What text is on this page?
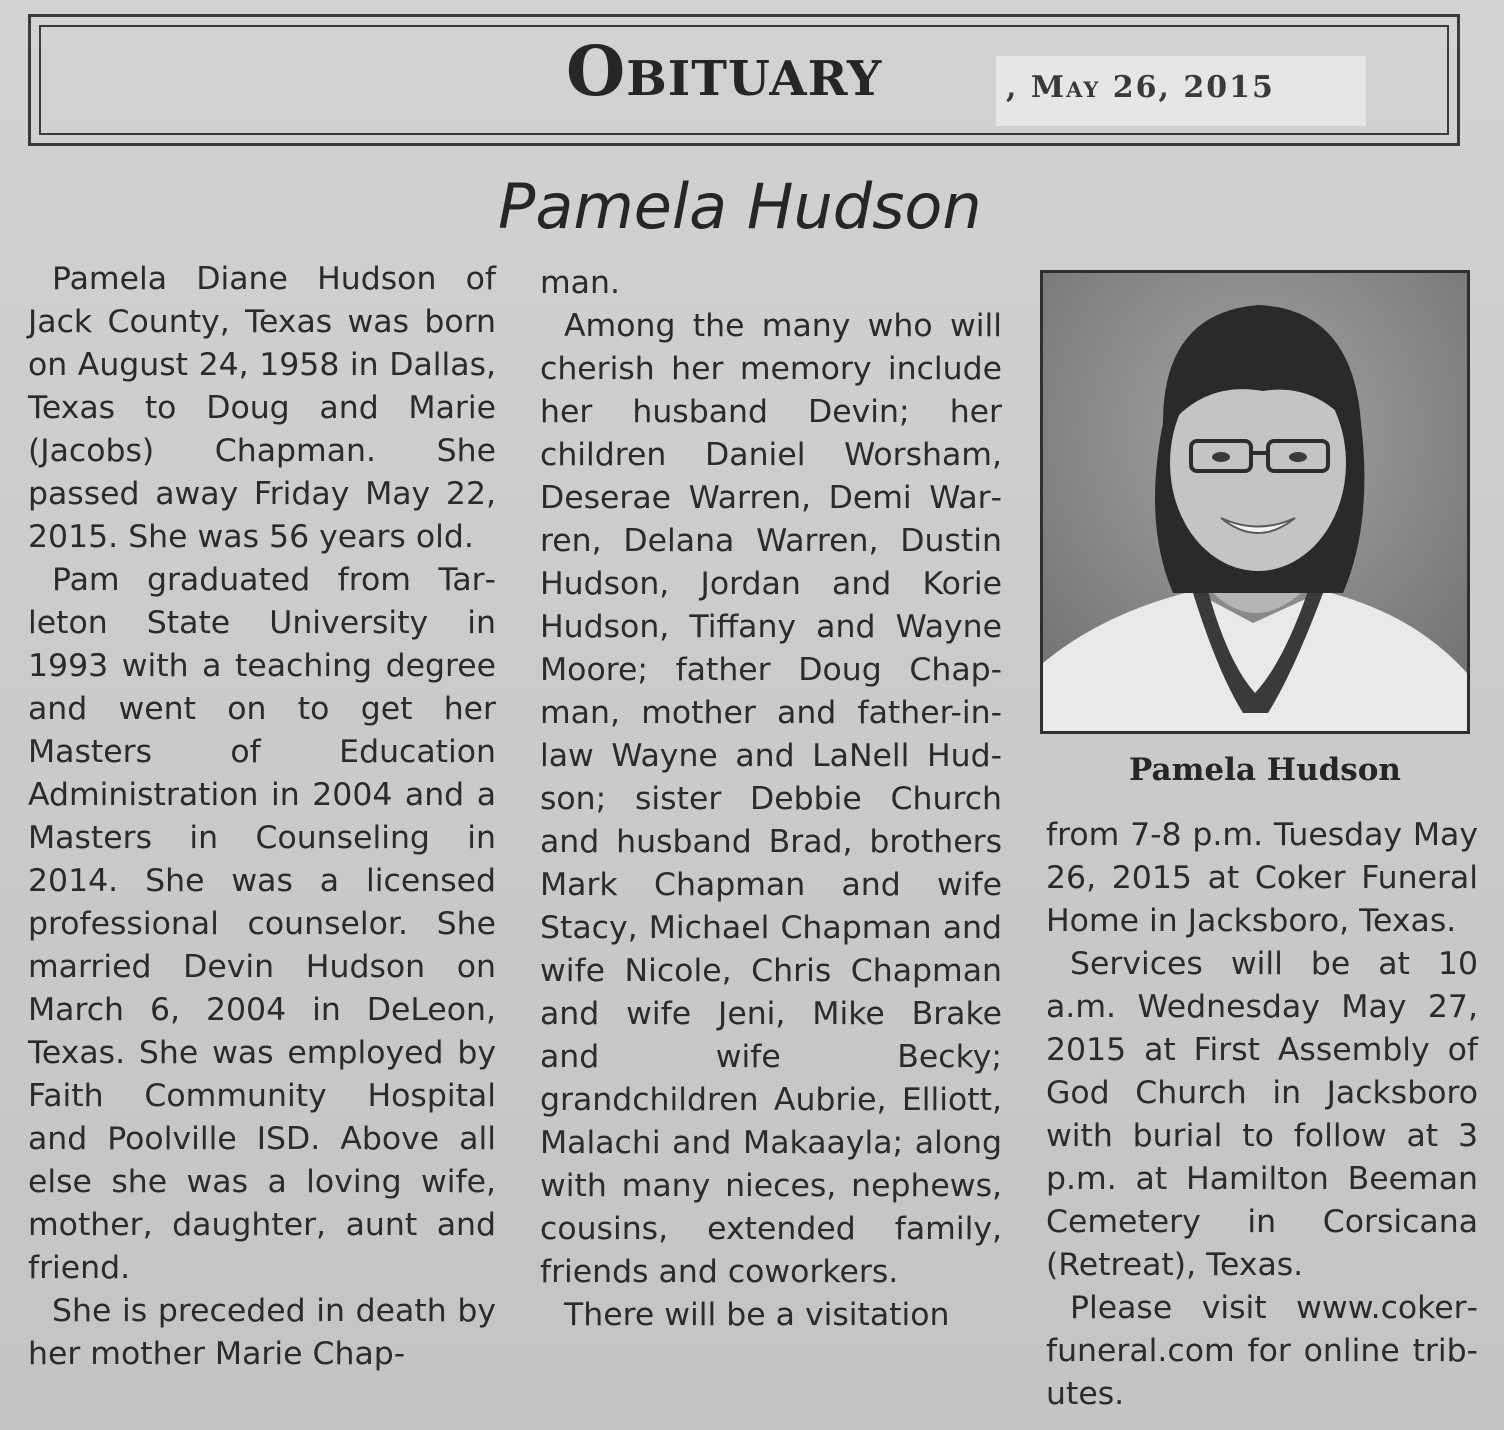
Obituary	, May 26, 2015
Pamela Hudson

Pamela Diane Hudson of Jack County, Texas was born on August 24, 1958 in Dallas, Texas to Doug and Marie (Jacobs) Chapman. She passed away Friday May 22, 2015. She was 56 years old.

Pam graduated from Tarleton State University in 1993 with a teaching degree and went on to get her Masters of Education Administration in 2004 and a Masters in Counseling in 2014. She was a licensed professional counselor. She married Devin Hudson on March 6, 2004 in DeLeon, Texas. She was employed by Faith Community Hospital and Poolville ISD. Above all else she was a loving wife, mother, daughter, aunt and friend.

She is preceded in death by her mother Marie Chap-

man.

Among the many who will cherish her memory include her husband Devin; her children Daniel Worsham, Deserae Warren, Demi Warren, Delana Warren, Dustin Hudson, Jordan and Korie Hudson, Tiffany and Wayne Moore; father Doug Chapman, mother and father-in-law Wayne and LaNell Hudson; sister Debbie Church and husband Brad, brothers Mark Chapman and wife Stacy, Michael Chapman and wife Nicole, Chris Chapman and wife Jeni, Mike Brake and wife Becky; grandchildren Aubrie, Elliott, Malachi and Makaayla; along with many nieces, nephews, cousins, extended family, friends and coworkers.

There will be a visitation

Pamela Hudson

from 7-8 p.m. Tuesday May 26, 2015 at Coker Funeral Home in Jacksboro, Texas.

Services will be at 10 a.m. Wednesday May 27, 2015 at First Assembly of God Church in Jacksboro with burial to follow at 3 p.m. at Hamilton Beeman Cemetery in Corsicana (Retreat), Texas.

Please visit www.cokerfuneral.com for online tributes.
